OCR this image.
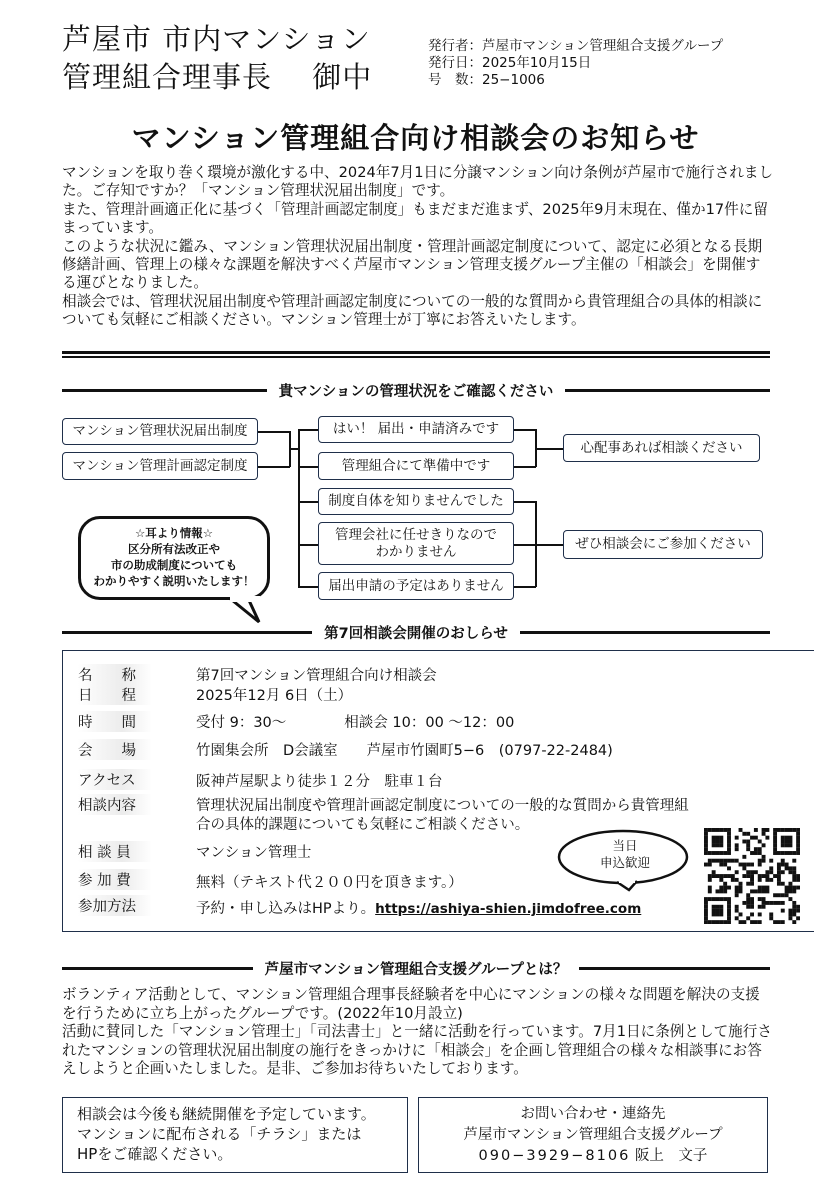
芦屋市 市内マンション
管理組合理事長　 御中
発行者：芦屋市マンション管理組合支援グループ
発行日：2025年10月15日
号　数：25−1006
マンション管理組合向け相談会のお知らせ

マンションを取り巻く環境が激化する中、2024年7月1日に分譲マンション向け条例が芦屋市で施行されました。ご存知ですか？「マンション管理状況届出制度」です。

また、管理計画適正化に基づく「管理計画認定制度」もまだまだ進まず、2025年9月末現在、僅か17件に留まっています。

このような状況に鑑み、マンション管理状況届出制度・管理計画認定制度について、認定に必須となる長期修繕計画、管理上の様々な課題を解決すべく芦屋市マンション管理支援グループ主催の「相談会」を開催する運びとなりました。

相談会では、管理状況届出制度や管理計画認定制度についての一般的な質問から貴管理組合の具体的相談についても気軽にご相談ください。マンション管理士が丁寧にお答えいたします。

貴マンションの管理状況をご確認ください
マンション管理状況届出制度
マンション管理計画認定制度
はい！ 届出・申請済みです
管理組合にて準備中です
制度自体を知りませんでした
管理会社に任せきりなので
わかりません
届出申請の予定はありません
心配事あれば相談ください
ぜひ相談会にご参加ください
☆耳より情報☆
区分所有法改正や
市の助成制度についても
わかりやすく説明いたします！
第7回相談会開催のおしらせ
名　　称	第7回マンション管理組合向け相談会
日　　程	2025年12月 6日（土）
時　　間	受付 9：30〜　　　　相談会 10：00 〜12：00
会　　場	竹園集会所　D会議室　　芦屋市竹園町5−6　(0797-22-2484)
アクセス	阪神芦屋駅より徒歩１２分　駐車１台
相談内容	管理状況届出制度や管理計画認定制度についての一般的な質問から貴管理組
合の具体的課題についても気軽にご相談ください。
相 談 員	マンション管理士
参 加 費	無料（テキスト代２００円を頂きます。）
参加方法	予約・申し込みはHPより。https://ashiya-shien.jimdofree.com
当日
申込歓迎
芦屋市マンション管理組合支援グループとは？
ボランティア活動として、マンション管理組合理事長経験者を中心にマンションの様々な問題を解決の支援を行うために立ち上がったグループです。(2022年10月設立)
活動に賛同した「マンション管理士」「司法書士」と一緒に活動を行っています。7月1日に条例として施行されたマンションの管理状況届出制度の施行をきっかけに「相談会」を企画し管理組合の様々な相談事にお答えしようと企画いたしました。是非、ご参加お待ちいたしております。
相談会は今後も継続開催を予定しています。
マンションに配布される「チラシ」または
HPをご確認ください。
お問い合わせ・連絡先
芦屋市マンション管理組合支援グループ
090−3929−8106 阪上　文子
